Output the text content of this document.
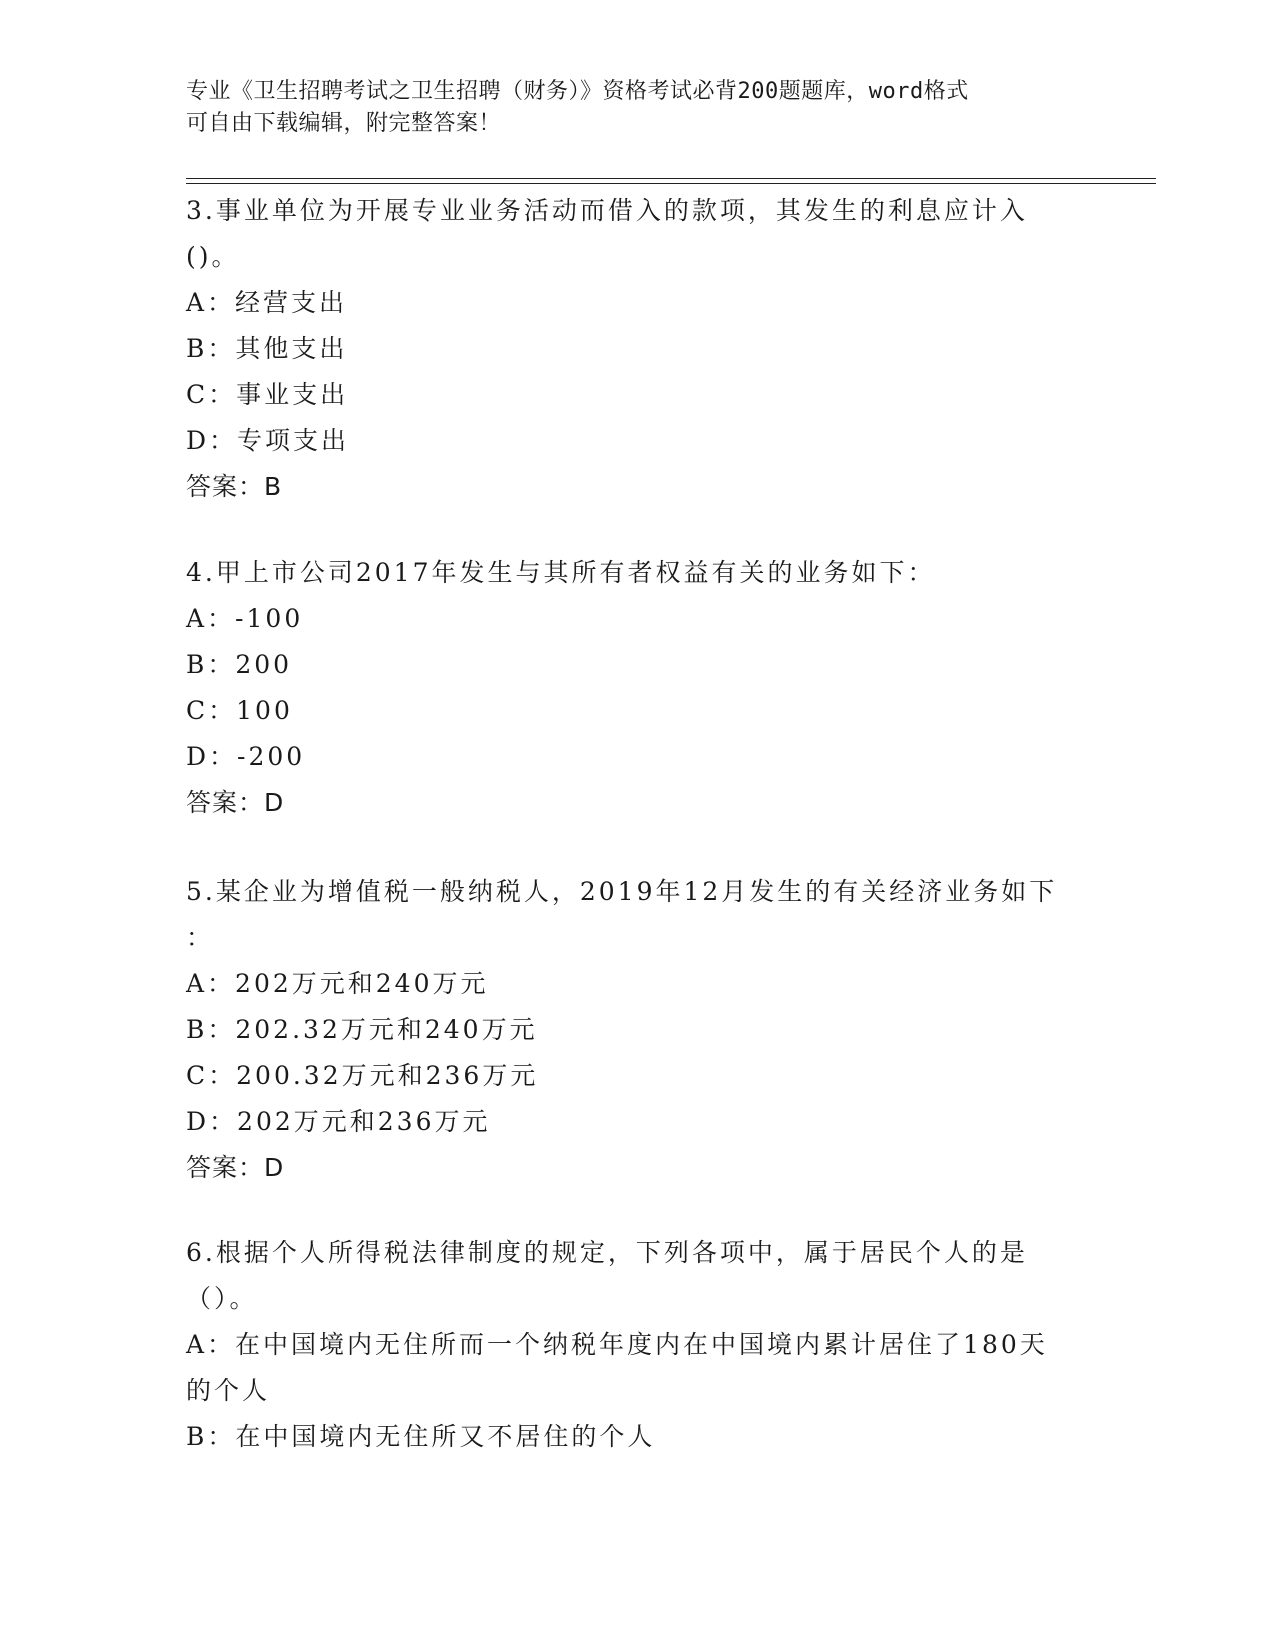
专业《卫生招聘考试之卫生招聘（财务）》资格考试必背200题题库，word格式
可自由下载编辑，附完整答案！
3.事业单位为开展专业业务活动而借入的款项，其发生的利息应计入
()。
A：经营支出
B：其他支出
C：事业支出
D：专项支出
答案：B
4.甲上市公司2017年发生与其所有者权益有关的业务如下：
A：-100
B：200
C：100
D：-200
答案：D
5.某企业为增值税一般纳税人，2019年12月发生的有关经济业务如下
：
A：202万元和240万元
B：202.32万元和240万元
C：200.32万元和236万元
D：202万元和236万元
答案：D
6.根据个人所得税法律制度的规定，下列各项中，属于居民个人的是
（）。
A：在中国境内无住所而一个纳税年度内在中国境内累计居住了180天
的个人
B：在中国境内无住所又不居住的个人
